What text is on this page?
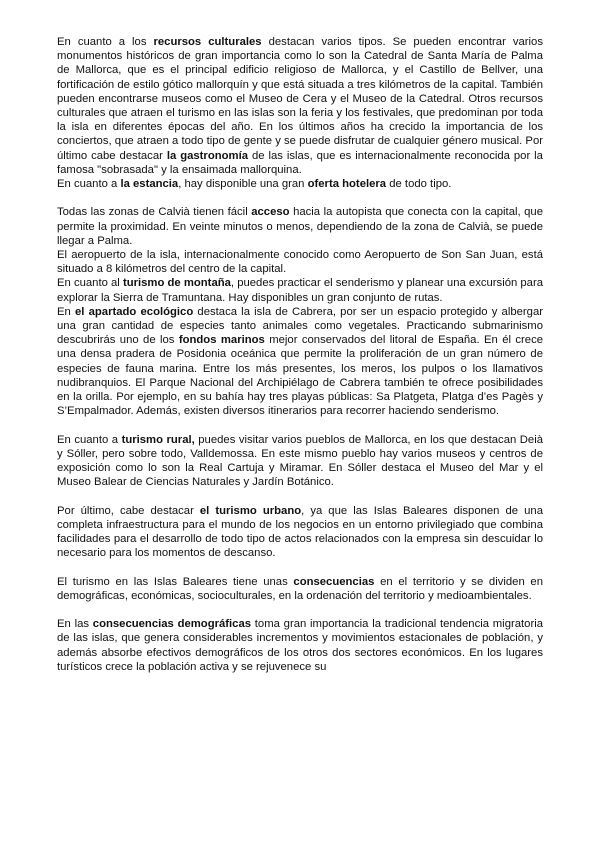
En cuanto a los recursos culturales destacan varios tipos. Se pueden encontrar varios monumentos históricos de gran importancia como lo son la Catedral de Santa María de Palma de Mallorca, que es el principal edificio religioso de Mallorca, y el Castillo de Bellver, una fortificación de estilo gótico mallorquín y que está situada a tres kilómetros de la capital. También pueden encontrarse museos como el Museo de Cera y el Museo de la Catedral. Otros recursos culturales que atraen el turismo en las islas son la feria y los festivales, que predominan por toda la isla en diferentes épocas del año. En los últimos años ha crecido la importancia de los conciertos, que atraen a todo tipo de gente y se puede disfrutar de cualquier género musical. Por último cabe destacar la gastronomía de las islas, que es internacionalmente reconocida por la famosa "sobrasada" y la ensaimada mallorquina.

En cuanto a la estancia, hay disponible una gran oferta hotelera de todo tipo.

Todas las zonas de Calvià tienen fácil acceso hacia la autopista que conecta con la capital, que permite la proximidad. En veinte minutos o menos, dependiendo de la zona de Calvià, se puede llegar a Palma.

El aeropuerto de la isla, internacionalmente conocido como Aeropuerto de Son San Juan, está situado a 8 kilómetros del centro de la capital.

En cuanto al turismo de montaña, puedes practicar el senderismo y planear una excursión para explorar la Sierra de Tramuntana. Hay disponibles un gran conjunto de rutas.

En el apartado ecológico destaca la isla de Cabrera, por ser un espacio protegido y albergar una gran cantidad de especies tanto animales como vegetales. Practicando submarinismo descubrirás uno de los fondos marinos mejor conservados del litoral de España. En él crece una densa pradera de Posidonia oceánica que permite la proliferación de un gran número de especies de fauna marina. Entre los más presentes, los meros, los pulpos o los llamativos nudibranquios. El Parque Nacional del Archipiélago de Cabrera también te ofrece posibilidades en la orilla. Por ejemplo, en su bahía hay tres playas públicas: Sa Platgeta, Platga d’es Pagès y S’Empalmador. Además, existen diversos itinerarios para recorrer haciendo senderismo.

En cuanto a turismo rural, puedes visitar varios pueblos de Mallorca, en los que destacan Deià y Sóller, pero sobre todo, Valldemossa. En este mismo pueblo hay varios museos y centros de exposición como lo son la Real Cartuja y Miramar. En Sóller destaca el Museo del Mar y el Museo Balear de Ciencias Naturales y Jardín Botánico.

Por último, cabe destacar el turismo urbano, ya que las Islas Baleares disponen de una completa infraestructura para el mundo de los negocios en un entorno privilegiado que combina facilidades para el desarrollo de todo tipo de actos relacionados con la empresa sin descuidar lo necesario para los momentos de descanso.

El turismo en las Islas Baleares tiene unas consecuencias en el territorio y se dividen en demográficas, económicas, socioculturales, en la ordenación del territorio y medioambientales.

En las consecuencias demográficas toma gran importancia la tradicional tendencia migratoria de las islas, que genera considerables incrementos y movimientos estacionales de población, y además absorbe efectivos demográficos de los otros dos sectores económicos. En los lugares turísticos crece la población activa y se rejuvenece su
